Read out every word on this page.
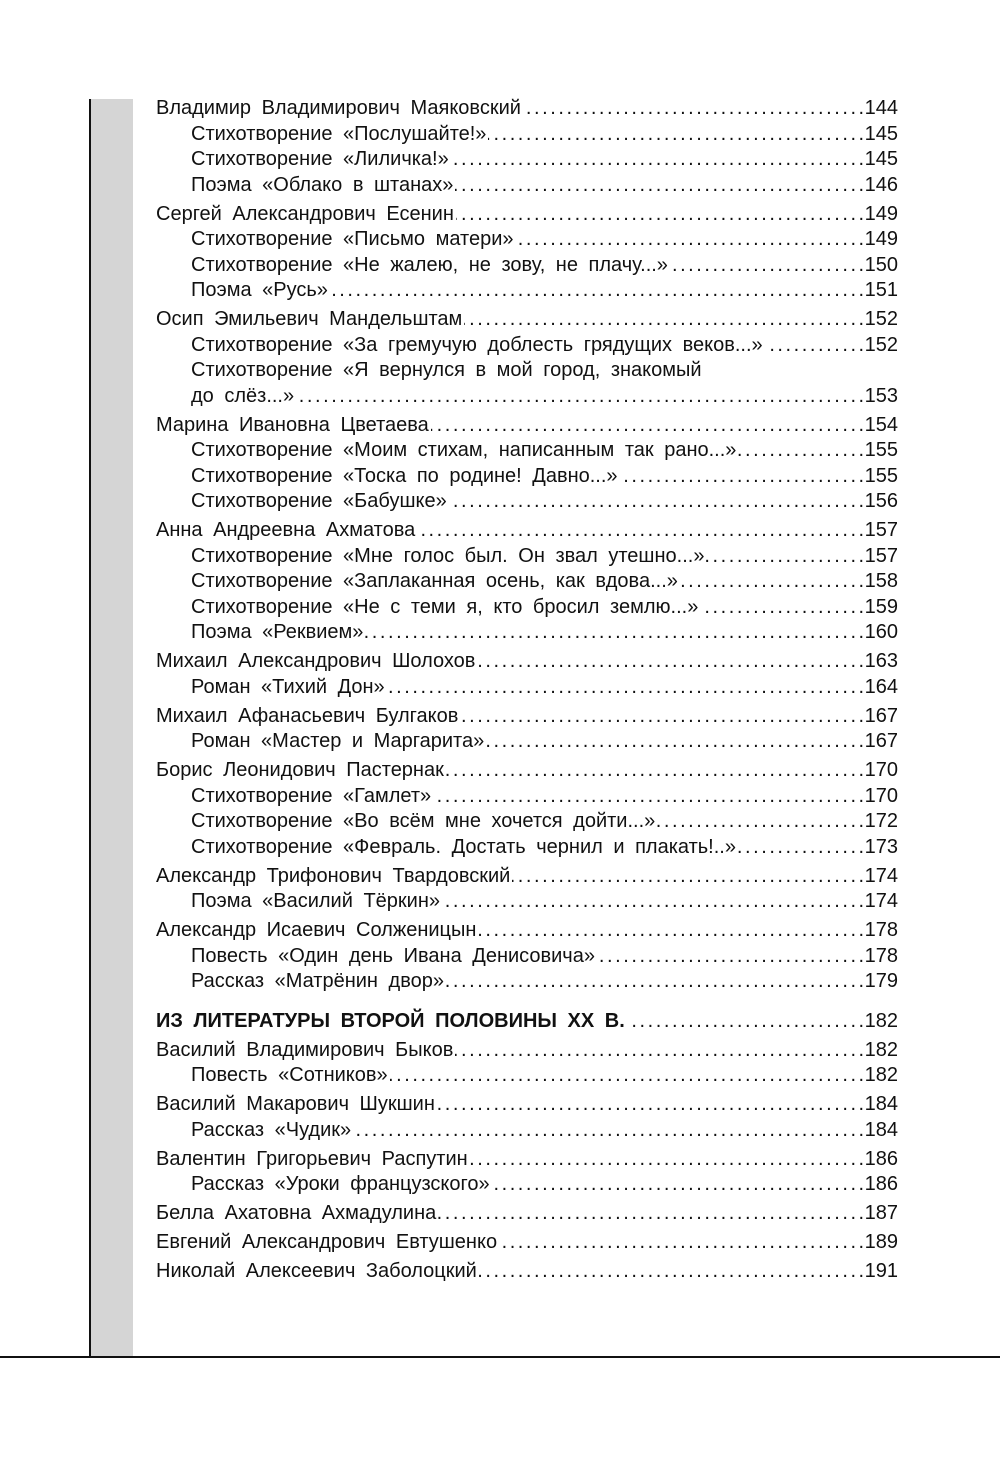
Владимир Владимирович Маяковский . . .	144
Стихотворение «Послушайте!» . . .	145
Стихотворение «Лиличка!» . . .	145
Поэма «Облако в штанах» . . .	146
Сергей Александрович Есенин . . .	149
Стихотворение «Письмо матери» . . .	149
Стихотворение «Не жалею, не зову, не плачу...» . . .	150
Поэма «Русь» . . .	151
Осип Эмильевич Мандельштам . . .	152
Стихотворение «За гремучую доблесть грядущих веков...» . . .	152
Стихотворение «Я вернулся в мой город, знакомый
до слёз...» . . .	153
Марина Ивановна Цветаева . . .	154
Стихотворение «Моим стихам, написанным так рано...» . . .	155
Стихотворение «Тоска по родине! Давно...» . . .	155
Стихотворение «Бабушке» . . .	156
Анна Андреевна Ахматова . . .	157
Стихотворение «Мне голос был. Он звал утешно...» . . .	157
Стихотворение «Заплаканная осень, как вдова...» . . .	158
Стихотворение «Не с теми я, кто бросил землю...» . . .	159
Поэма «Реквием» . . .	160
Михаил Александрович Шолохов . . .	163
Роман «Тихий Дон» . . .	164
Михаил Афанасьевич Булгаков . . .	167
Роман «Мастер и Маргарита» . . .	167
Борис Леонидович Пастернак . . .	170
Стихотворение «Гамлет» . . .	170
Стихотворение «Во всём мне хочется дойти...» . . .	172
Стихотворение «Февраль. Достать чернил и плакать!..» . . .	173
Александр Трифонович Твардовский . . .	174
Поэма «Василий Тёркин» . . .	174
Александр Исаевич Солженицын . . .	178
Повесть «Один день Ивана Денисовича» . . .	178
Рассказ «Матрёнин двор» . . .	179
ИЗ ЛИТЕРАТУРЫ ВТОРОЙ ПОЛОВИНЫ XX В. . . .	182
Василий Владимирович Быков . . .	182
Повесть «Сотников» . . .	182
Василий Макарович Шукшин . . .	184
Рассказ «Чудик» . . .	184
Валентин Григорьевич Распутин . . .	186
Рассказ «Уроки французского» . . .	186
Белла Ахатовна Ахмадулина . . .	187
Евгений Александрович Евтушенко . . .	189
Николай Алексеевич Заболоцкий . . .	191
